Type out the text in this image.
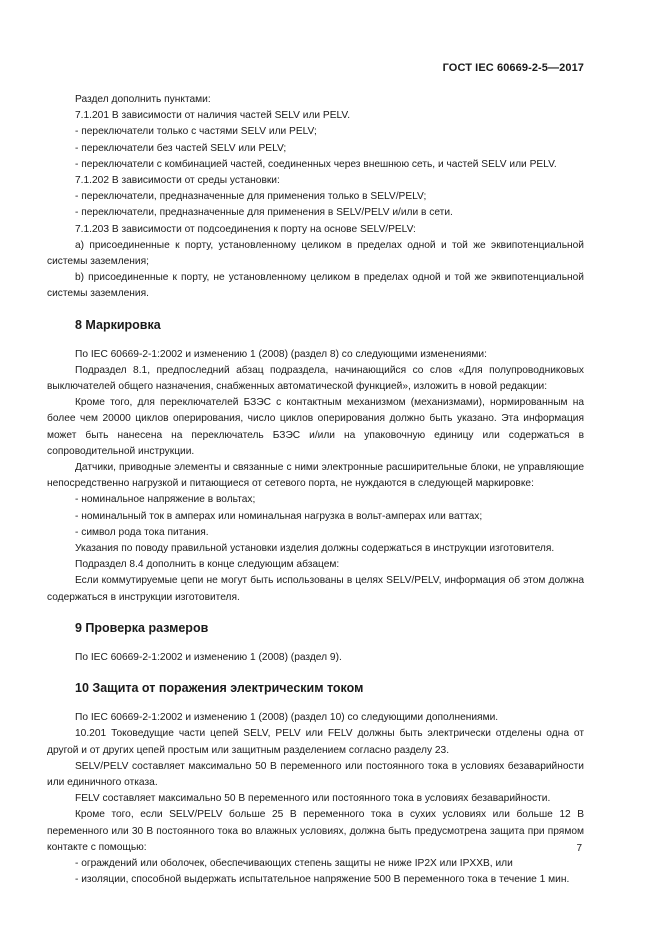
ГОСТ IEC 60669-2-5—2017

Раздел дополнить пунктами:

7.1.201 В зависимости от наличия частей SELV или PELV.

- переключатели только с частями SELV или PELV;

- переключатели без частей SELV или PELV;

- переключатели с комбинацией частей, соединенных через внешнюю сеть, и частей SELV или PELV.

7.1.202 В зависимости от среды установки:

- переключатели, предназначенные для применения только в SELV/PELV;

- переключатели, предназначенные для применения в SELV/PELV и/или в сети.

7.1.203 В зависимости от подсоединения к порту на основе SELV/PELV:

a) присоединенные к порту, установленному целиком в пределах одной и той же эквипотенциальной системы заземления;

b) присоединенные к порту, не установленному целиком в пределах одной и той же эквипотенциальной системы заземления.

8 Маркировка

По IEC 60669-2-1:2002 и изменению 1 (2008) (раздел 8) со следующими изменениями:

Подраздел 8.1, предпоследний абзац подраздела, начинающийся со слов «Для полупроводниковых выключателей общего назначения, снабженных автоматической функцией», изложить в новой редакции:

Кроме того, для переключателей БЗЭС с контактным механизмом (механизмами), нормированным на более чем 20000 циклов оперирования, число циклов оперирования должно быть указано. Эта информация может быть нанесена на переключатель БЗЭС и/или на упаковочную единицу или содержаться в сопроводительной инструкции.

Датчики, приводные элементы и связанные с ними электронные расширительные блоки, не управляющие непосредственно нагрузкой и питающиеся от сетевого порта, не нуждаются в следующей маркировке:

- номинальное напряжение в вольтах;

- номинальный ток в амперах или номинальная нагрузка в вольт-амперах или ваттах;

- символ рода тока питания.

Указания по поводу правильной установки изделия должны содержаться в инструкции изготовителя.

Подраздел 8.4 дополнить в конце следующим абзацем:

Если коммутируемые цепи не могут быть использованы в целях SELV/PELV, информация об этом должна содержаться в инструкции изготовителя.

9 Проверка размеров

По IEC 60669-2-1:2002 и изменению 1 (2008) (раздел 9).

10 Защита от поражения электрическим током

По IEC 60669-2-1:2002 и изменению 1 (2008) (раздел 10) со следующими дополнениями.

10.201 Токоведущие части цепей SELV, PELV или FELV должны быть электрически отделены одна от другой и от других цепей простым или защитным разделением согласно разделу 23.

SELV/PELV составляет максимально 50 В переменного или постоянного тока в условиях безаварийности или единичного отказа.

FELV составляет максимально 50 В переменного или постоянного тока в условиях безаварийности.

Кроме того, если SELV/PELV больше 25 В переменного тока в сухих условиях или больше 12 В переменного или 30 В постоянного тока во влажных условиях, должна быть предусмотрена защита при прямом контакте с помощью:

- ограждений или оболочек, обеспечивающих степень защиты не ниже IP2X или IPXXB, или

- изоляции, способной выдержать испытательное напряжение 500 В переменного тока в течение 1 мин.

7
